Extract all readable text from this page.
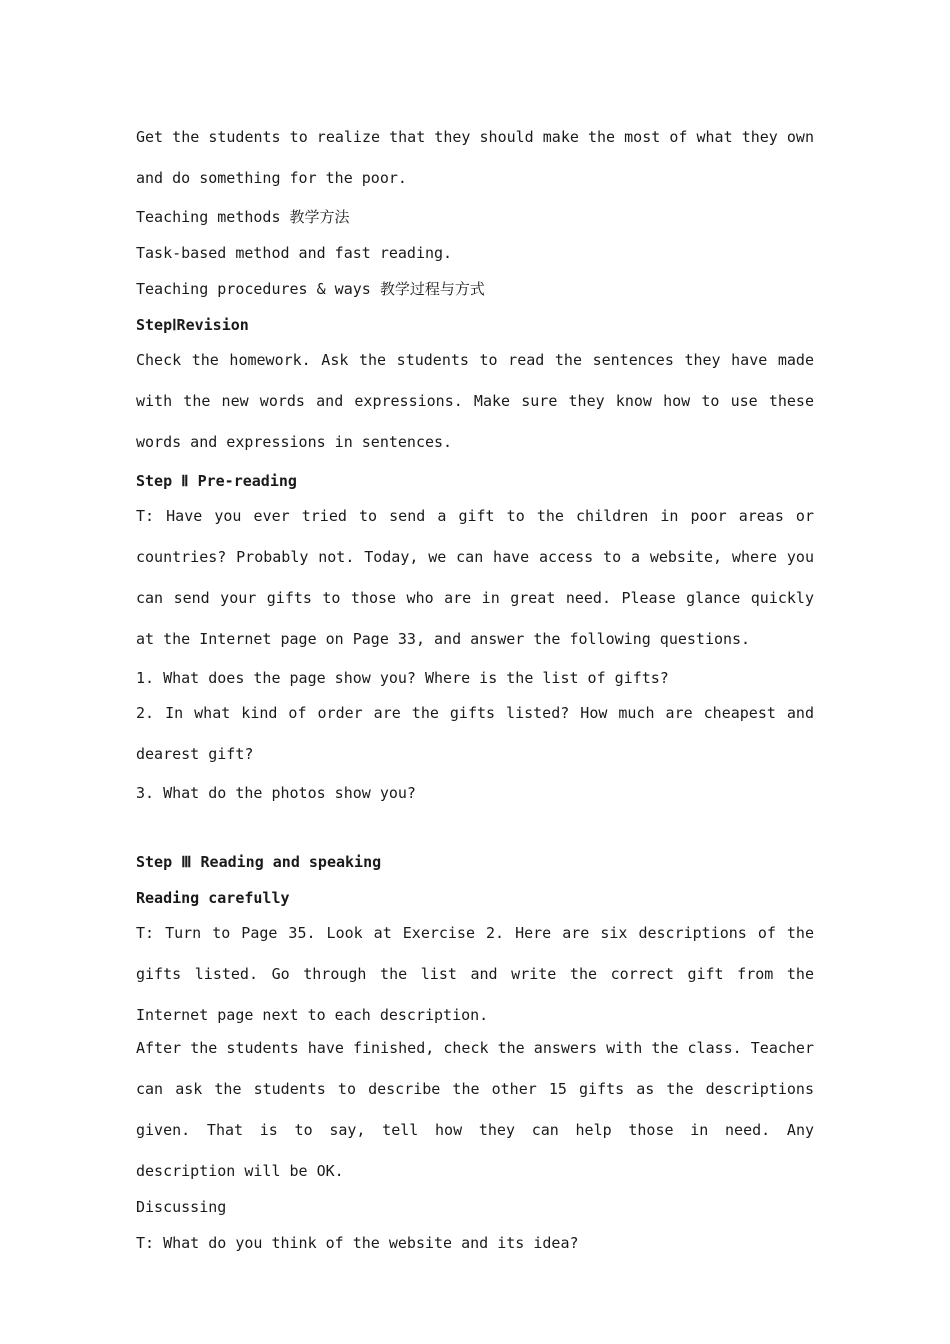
Get the students to realize that they should make the most of what they own and do something for the poor.

Teaching methods 教学方法

Task-based method and fast reading.

Teaching procedures & ways 教学过程与方式

StepⅠRevision

Check the homework. Ask the students to read the sentences they have made with the new words and expressions. Make sure they know how to use these words and expressions in sentences.

Step Ⅱ Pre-reading

T: Have you ever tried to send a gift to the children in poor areas or countries? Probably not. Today, we can have access to a website, where you can send your gifts to those who are in great need. Please glance quickly at the Internet page on Page 33, and answer the following questions.

1. What does the page show you? Where is the list of gifts?

2. In what kind of order are the gifts listed? How much are cheapest and dearest gift?

3. What do the photos show you?

Step Ⅲ Reading and speaking

Reading carefully

T: Turn to Page 35. Look at Exercise 2. Here are six descriptions of the gifts listed. Go through the list and write the correct gift from the Internet page next to each description.

After the students have finished, check the answers with the class. Teacher can ask the students to describe the other 15 gifts as the descriptions given. That is to say, tell how they can help those in need. Any description will be OK.

Discussing

T: What do you think of the website and its idea?
